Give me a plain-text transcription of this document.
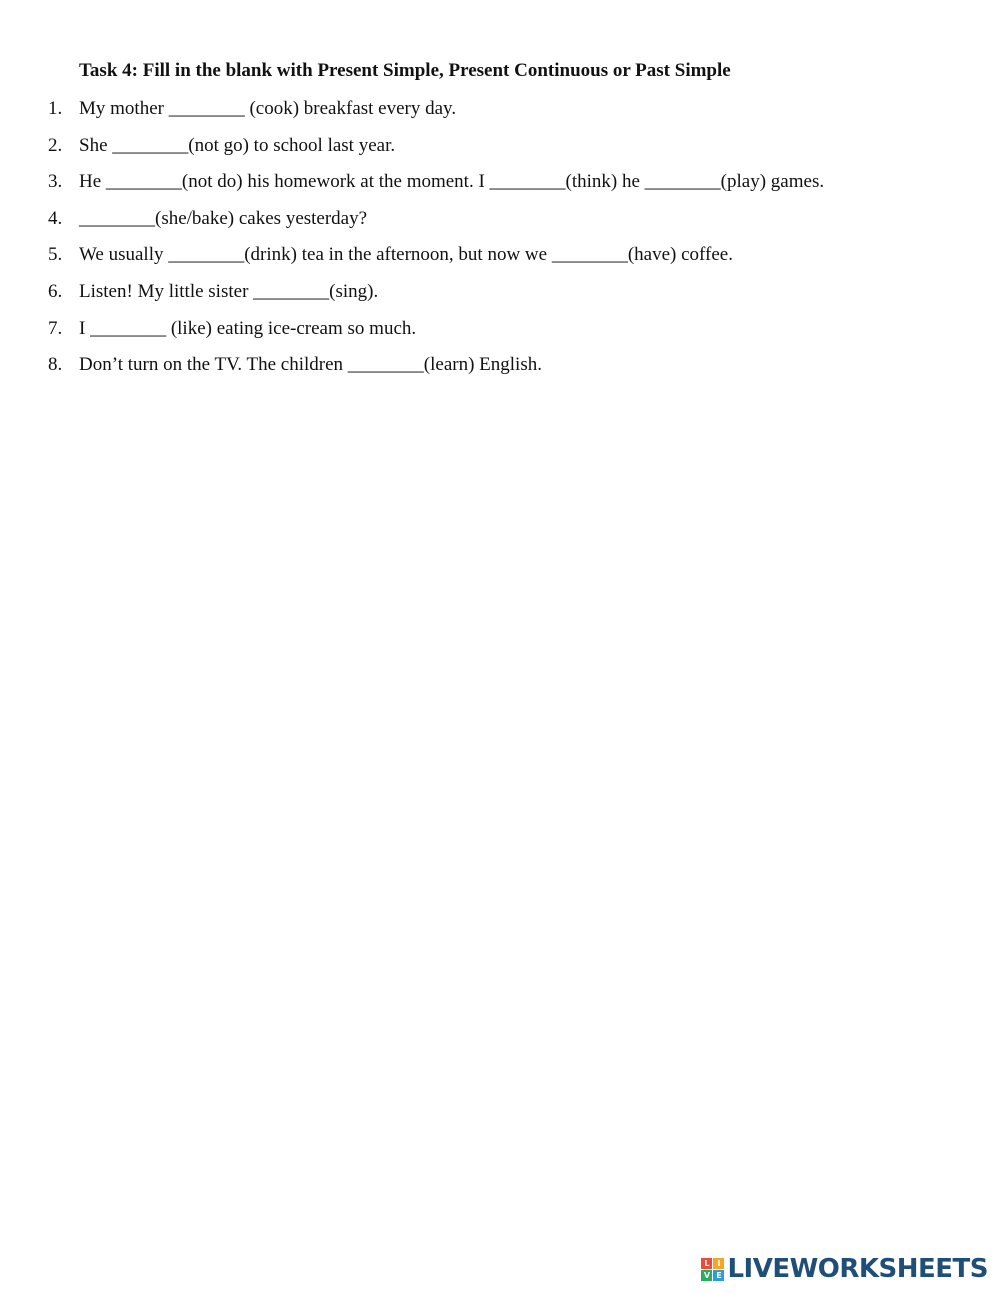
Task 4: Fill in the blank with Present Simple, Present Continuous or Past Simple
1. My mother ________ (cook) breakfast every day.
2. She ________(not go) to school last year.
3. He ________(not do) his homework at the moment. I ________(think) he ________(play) games.
4. ________(she/bake) cakes yesterday?
5. We usually ________(drink) tea in the afternoon, but now we ________(have) coffee.
6. Listen! My little sister ________(sing).
7. I ________ (like) eating ice-cream so much.
8. Don’t turn on the TV. The children ________(learn) English.
L I
V E LIVEWORKSHEETS
